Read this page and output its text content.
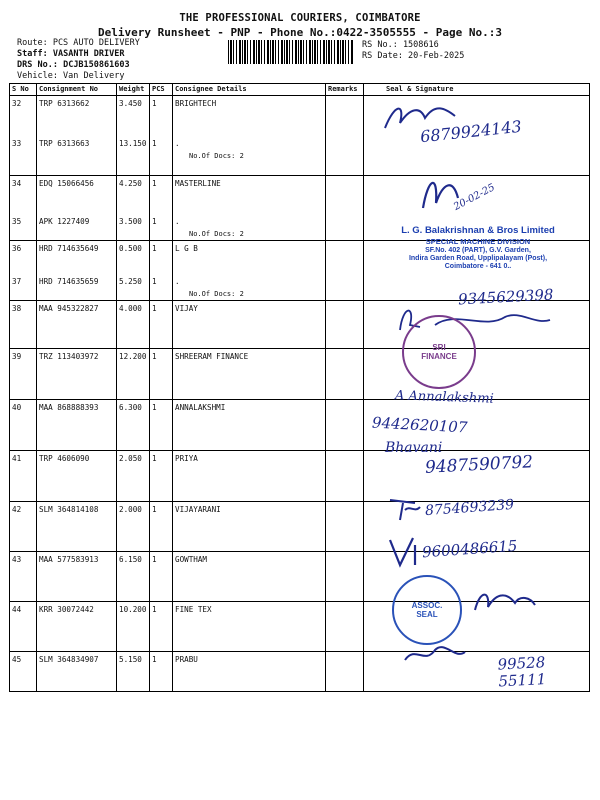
THE PROFESSIONAL COURIERS, COIMBATORE
Delivery Runsheet - PNP - Phone No.:0422-3505555 - Page No.:3
Route: PCS AUTO DELIVERY
Staff: VASANTH DRIVER
DRS No.: DCJB150861603
Vehicle: Van Delivery
RS No.: 1508616
RS Date: 20-Feb-2025
S No	Consignment No	Weight	PCS	Consignee Details	Remarks	Seal & Signature
32	TRP 6313662	3.450	1	BRIGHTECH		
33	TRP 6313663	13.150	1	.
No.Of Docs: 2		

34	EDQ 15066456	4.250	1	MASTERLINE		
35	APK 1227409	3.500	1	.
No.Of Docs: 2		

36	HRD 714635649	0.500	1	L G B		
37	HRD 714635659	5.250	1	.
No.Of Docs: 2		

38	MAA 945322827	4.000	1	VIJAY		
39	TRZ 113403972	12.200	1	SHREERAM FINANCE		
40	MAA 868888393	6.300	1	ANNALAKSHMI		
41	TRP 4606090	2.050	1	PRIYA		
42	SLM 364814108	2.000	1	VIJAYARANI		
43	MAA 577583913	6.150	1	GOWTHAM		
44	KRR 30072442	10.200	1	FINE TEX		
45	SLM 364834907	5.150	1	PRABU		
6879924143
20-02-25
L. G. Balakrishnan & Bros Limited
SPECIAL MACHINE DIVISION
SF.No. 402 (PART), G.V. Garden,
Indira Garden Road, Upplipalayam (Post),
Coimbatore - 641 0..
9345629398
SRI
FINANCE
A Annalakshmi
9442620107
Bhavani
9487590792
8754693239
9600486615
ASSOC.
SEAL
99528 55111
